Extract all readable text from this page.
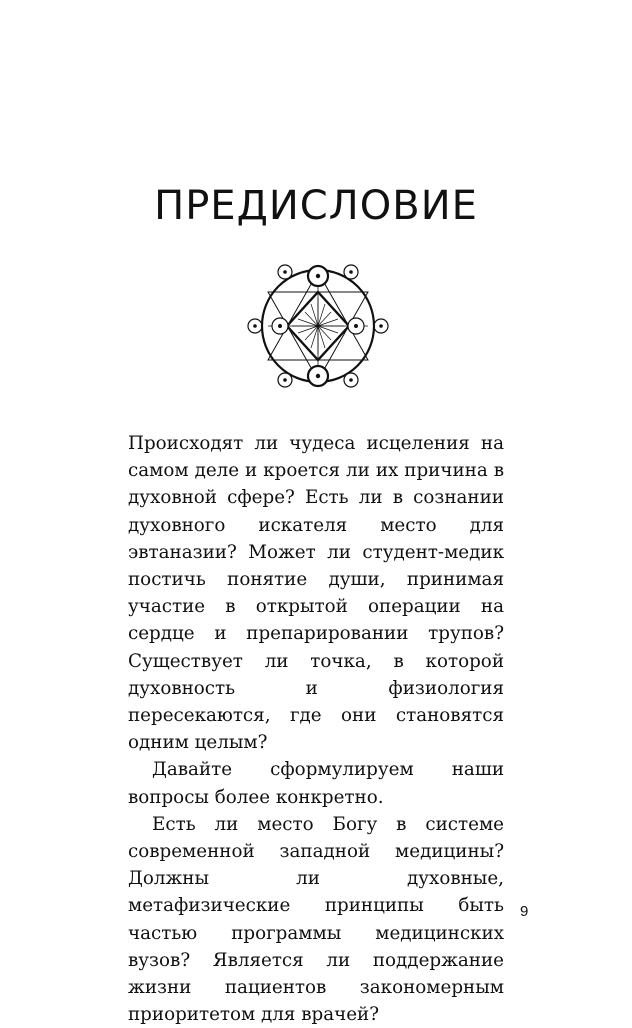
ПРЕДИСЛОВИЕ

Происходят ли чудеса исцеления на самом деле и кроется ли их причина в духовной сфере? Есть ли в сознании духовного искателя место для эвтаназии? Может ли студент-медик постичь понятие души, принимая участие в открытой операции на сердце и препарировании трупов? Существует ли точка, в которой духовность и физиология пересекаются, где они становятся одним целым?

Давайте сформулируем наши вопросы более конкретно.

Есть ли место Богу в системе современной западной медицины? Должны ли духовные, метафизические принципы быть частью программы медицинских вузов? Является ли поддержание жизни пациентов закономерным приоритетом для врачей?

9
